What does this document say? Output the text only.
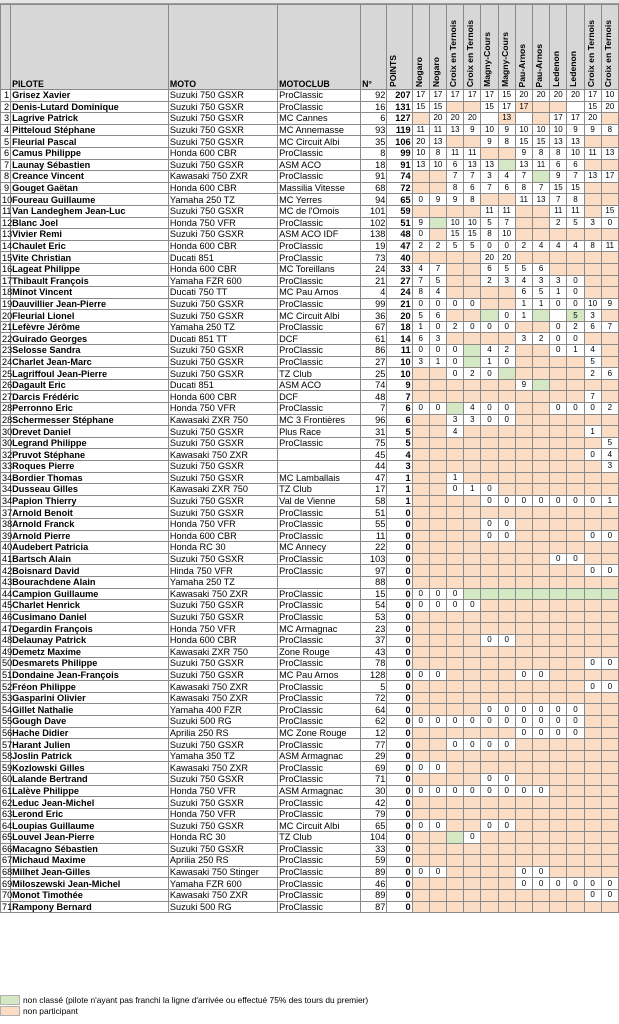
	PILOTE	MOTO	MOTOCLUB	N°	POINTS	Nogaro	Nogaro	Croix en Ternois	Croix en Ternois	Magny-Cours	Magny-Cours	Pau-Arnos	Pau-Arnos	Ledenon	Ledenon	Croix en Ternois	Croix en Ternois

1	Grisez Xavier	Suzuki 750 GSXR	ProClassic	92	207	17	17	17	17	17	15	20	20	20	20	17	10
2	Denis-Lutard Dominique	Suzuki 750 GSXR	ProClassic	16	131	15	15			15	17	17				15	20
3	Lagrive Patrick	Suzuki 750 GSXR	MC Cannes	6	127		20	20	20		13			17	17	20	
4	Pitteloud Stéphane	Suzuki 750 GSXR	MC Annemasse	93	119	11	11	13	9	10	9	10	10	10	9	9	8
5	Fleurial Pascal	Suzuki 750 GSXR	MC Circuit Albi	35	106	20	13			9	8	15	15	13	13		
6	Camus Philippe	Honda 600 CBR	ProClassic	8	99	10	8	11	11			9	8	8	10	11	13
7	Launay Sébastien	Suzuki 750 GSXR	ASM ACO	18	91	13	10	6	13	13		13	11	6	6		
8	Creance Vincent	Kawasaki 750 ZXR	ProClassic	91	74			7	7	3	4	7		9	7	13	17
9	Gouget Gaëtan	Honda 600 CBR	Massilia Vitesse	68	72			8	6	7	6	8	7	15	15		
10	Foureau Guillaume	Yamaha 250 TZ	MC Yerres	94	65	0	9	9	8			11	13	7	8		
11	Van Landeghem Jean-Luc	Suzuki 750 GSXR	MC de l'Omois	101	59					11	11			11	11		15
12	Blanc Joel	Honda 750 VFR	ProClassic	102	51	9		10	10	5	7			2	5	3	0
13	Vivier Remi	Suzuki 750 GSXR	ASM ACO IDF	138	48	0		15	15	8	10						
14	Chaulet Eric	Honda 600 CBR	ProClassic	19	47	2	2	5	5	0	0	2	4	4	4	8	11
15	Vite Christian	Ducati 851	ProClassic	73	40					20	20						
16	Lageat Philippe	Honda 600 CBR	MC Toreillans	24	33	4	7			6	5	5	6				
17	Thibault François	Yamaha FZR 600	ProClassic	21	27	7	5			2	3	4	3	3	0		
18	Minot Vincent	Ducati 750 TT	MC Pau Arnos	4	24	8	4					6	5	1	0		
19	Dauvillier Jean-Pierre	Suzuki 750 GSXR	ProClassic	99	21	0	0	0	0			1	1	0	0	10	9
20	Fleurial Lionel	Suzuki 750 GSXR	MC Circuit Albi	36	20	5	6				0	1			5	3	
21	Lefèvre Jérôme	Yamaha 250 TZ	ProClassic	67	18	1	0	2	0	0	0			0	2	6	7
22	Guirado Georges	Ducati 851 TT	DCF	61	14	6	3					3	2	0	0		
23	Selosse Sandra	Suzuki 750 GSXR	ProClassic	86	11	0	0	0		4	2			0	1	4	
24	Charlet Jean-Marc	Suzuki 750 GSXR	ProClassic	27	10	3	1	0		1	0					5	
25	Lagriffoul Jean-Pierre	Suzuki 750 GSXR	TZ Club	25	10			0	2	0						2	6
26	Dagault Eric	Ducati 851	ASM ACO	74	9							9					
27	Darcis Frédéric	Honda 600 CBR	DCF	48	7											7	
28	Perronno Eric	Honda 750 VFR	ProClassic	7	6	0	0		4	0	0			0	0	0	2
28	Schermesser Stéphane	Kawasaki ZXR 750	MC 3 Frontières	96	6			3	3	0	0						
30	Drevet Daniel	Suzuki 750 GSXR	Plus Race	31	5			4								1	
30	Legrand Philippe	Suzuki 750 GSXR	ProClassic	75	5												5
32	Pruvot Stéphane	Kawasaki 750 ZXR		45	4											0	4
33	Roques Pierre	Suzuki 750 GSXR		44	3												3
34	Bordier Thomas	Suzuki 750 GSXR	MC Lamballais	47	1			1									
34	Dusseau Gilles	Kawasaki ZXR 750	TZ Club	17	1			0	1	0							
34	Papion Thierry	Suzuki 750 GSXR	Val de Vienne	58	1					0	0	0	0	0	0	0	1
37	Arnold Benoit	Suzuki 750 GSXR	ProClassic	51	0												
38	Arnold Franck	Honda 750 VFR	ProClassic	55	0					0	0						
39	Arnold Pierre	Honda 600 CBR	ProClassic	11	0					0	0					0	0
40	Audebert Patricia	Honda RC 30	MC Annecy	22	0												
41	Bartsch Alain	Suzuki 750 GSXR	ProClassic	103	0									0	0		
42	Boisnard David	Hinda 750 VFR	ProClassic	97	0											0	0
43	Bourachdene Alain	Yamaha 250 TZ		88	0												
44	Campion Guillaume	Kawasaki 750 ZXR	ProClassic	15	0	0	0	0									
45	Charlet Henrick	Suzuki 750 GSXR	ProClassic	54	0	0	0	0	0								
46	Cusimano Daniel	Suzuki 750 GSXR	ProClassic	53	0												
47	Degardin François	Honda 750 VFR	MC Armagnac	23	0												
48	Delaunay Patrick	Honda 600 CBR	ProClassic	37	0					0	0						
49	Demetz Maxime	Kawasaki ZXR 750	Zone Rouge	43	0												
50	Desmarets Philippe	Suzuki 750 GSXR	ProClassic	78	0											0	0
51	Dondaine Jean-François	Suzuki 750 GSXR	MC Pau Arnos	128	0	0	0					0	0				
52	Fréon Philippe	Kawasaki 750 ZXR	ProClassic	5	0											0	0
53	Gasparini Olivier	Kawasaki 750 ZXR	ProClassic	72	0												
54	Gillet Nathalie	Yamaha 400 FZR	ProClassic	64	0					0	0	0	0	0	0		
55	Gough Dave	Suzuki 500 RG	ProClassic	62	0	0	0	0	0	0	0	0	0	0	0		
56	Hache Didier	Aprilia 250 RS	MC Zone Rouge	12	0							0	0	0	0		
57	Harant Julien	Suzuki 750 GSXR	ProClassic	77	0			0	0	0	0						
58	Joslin Patrick	Yamaha 350 TZ	ASM Armagnac	29	0												
59	Kozlowski Gilles	Kawasaki 750 ZXR	ProClassic	69	0	0	0										
60	Lalande Bertrand	Suzuki 750 GSXR	ProClassic	71	0					0	0						
61	Lalève Philippe	Honda 750 VFR	ASM Armagnac	30	0	0	0	0	0	0	0	0	0				
62	Leduc Jean-Michel	Suzuki 750 GSXR	ProClassic	42	0												
63	Lerond Eric	Honda 750 VFR	ProClassic	79	0												
64	Loupias Guillaume	Suzuki 750 GSXR	MC Circuit Albi	65	0	0	0			0	0						
65	Louvel Jean-Pierre	Honda RC 30	TZ Club	104	0				0								
66	Macagno Sébastien	Suzuki 750 GSXR	ProClassic	33	0												
67	Michaud Maxime	Aprilia 250 RS	ProClassic	59	0												
68	Milhet Jean-Gilles	Kawasaki 750 Stinger	ProClassic	89	0	0	0					0	0				
69	Miloszewski Jean-Michel	Yamaha FZR 600	ProClassic	46	0							0	0	0	0	0	0
70	Monot Timothée	Kawasaki 750 ZXR	ProClassic	89	0											0	0
71	Rampony Bernard	Suzuki 500 RG	ProClassic	87	0												
non classé (pilote n'ayant pas franchi la ligne d'arrivée ou effectué 75% des tours du premier)
non participant
